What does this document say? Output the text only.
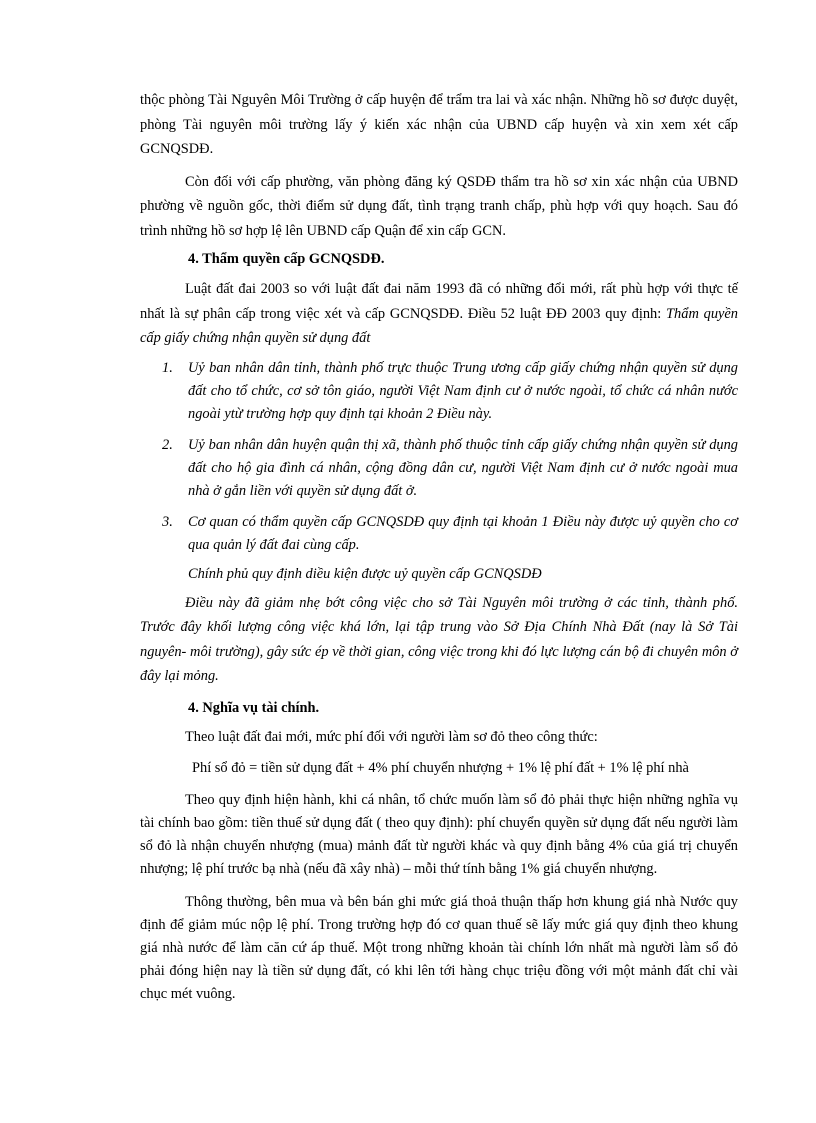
thộc phòng Tài Nguyên Môi Trường ở cấp huyện để trẩm tra lai và xác nhận. Những hồ sơ được duyệt, phòng Tài nguyên môi trường lấy ý kiến xác nhận của UBND cấp huyện và xin xem xét cấp GCNQSDĐ.

Còn đối với cấp phường, văn phòng đăng ký QSDĐ thẩm tra hồ sơ xin xác nhận của UBND phường về nguồn gốc, thời điểm sử dụng đất, tình trạng tranh chấp, phù hợp với quy hoạch. Sau đó trình những hồ sơ hợp lệ lên UBND cấp Quận để xin cấp GCN.

4. Thẩm quyền cấp GCNQSDĐ.

Luật đất đai 2003 so với luật đất đai năm 1993 đã có những đổi mới, rất phù hợp với thực tế nhất là sự phân cấp trong việc xét và cấp GCNQSDĐ. Điều 52 luật ĐĐ 2003 quy định: Thẩm quyền cấp giấy chứng nhận quyền sử dụng đất

1. Uỷ ban nhân dân tỉnh, thành phố trực thuộc Trung ương cấp giấy chứng nhận quyền sử dụng đất cho tổ chức, cơ sở tôn giáo, người Việt Nam định cư ở nước ngoài, tổ chức cá nhân nước ngoài ytừ trường hợp quy định tại khoản 2 Điều này.
2. Uỷ ban nhân dân huyện quận thị xã, thành phố thuộc tỉnh cấp giấy chứng nhận quyền sử dụng đất cho hộ gia đình cá nhân, cộng đồng dân cư, người Việt Nam định cư ở nước ngoài mua nhà ở gắn liền với quyền sử dụng đất ở.
3. Cơ quan có thẩm quyền cấp GCNQSDĐ quy định tại khoản 1 Điều này được uỷ quyền cho cơ qua quản lý đất đai cùng cấp.

Chính phủ quy định diều kiện được uỷ quyền cấp GCNQSDĐ

Điều này đã giảm nhẹ bớt công việc cho sở Tài Nguyên môi trường ở các tỉnh, thành phố. Trước đây khối lượng công việc khá lớn, lại tập trung vào Sở Địa Chính Nhà Đất (nay là Sở Tài nguyên- môi trường), gây sức ép về thời gian, công việc trong khi đó lực lượng cán bộ đi chuyên môn ở đây lại mỏng.

4. Nghĩa vụ tài chính.

Theo luật đất đai mới, mức phí đối với người làm sơ đỏ theo công thức:

Phí sổ đỏ = tiền sử dụng đất + 4% phí chuyển nhượng + 1% lệ phí đất + 1% lệ phí nhà

Theo quy định hiện hành, khi cá nhân, tổ chức muốn làm sổ đỏ phải thực hiện những nghĩa vụ tài chính bao gồm: tiền thuế sử dụng đất ( theo quy định): phí chuyển quyền sử dụng đất nếu người làm sổ đỏ là nhận chuyển nhượng (mua) mảnh đất từ người khác và quy định bằng 4% của giá trị chuyển nhượng; lệ phí trước bạ nhà (nếu đã xây nhà) – mỗi thứ tính bằng 1% giá chuyển nhượng.

Thông thường, bên mua và bên bán ghi mức giá thoả thuận thấp hơn khung giá nhà Nước quy định để giảm múc nộp lệ phí. Trong trường hợp đó cơ quan thuế sẽ lấy mức giá quy định theo khung giá nhà nước để làm căn cứ áp thuế. Một trong những khoản tài chính lớn nhất mà người làm sổ đỏ phải đóng hiện nay là tiền sử dụng đất, có khi lên tới hàng chục triệu đồng với một mảnh đất chỉ vài chục mét vuông.
